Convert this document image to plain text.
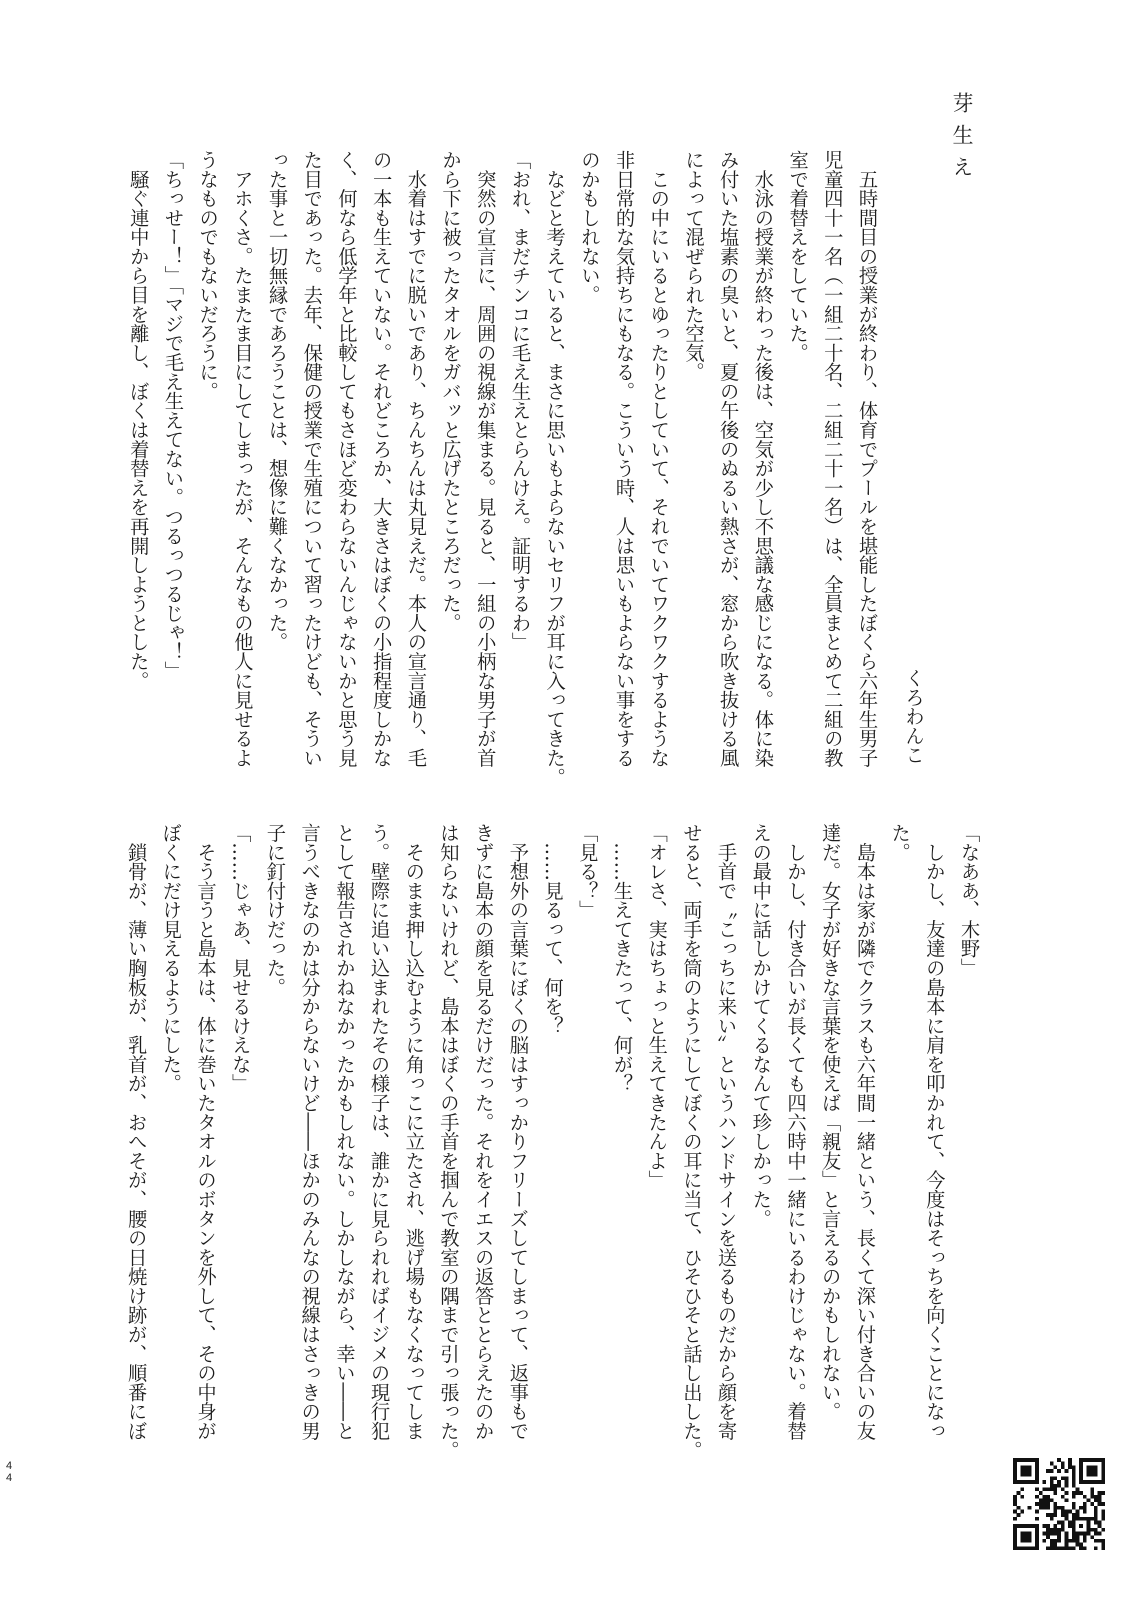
芽生え
くろわんこ
　五時間目の授業が終わり、体育でプールを堪能したぼくら六年生男子
児童四十一名（一組二十名、二組二十一名）は、全員まとめて二組の教
室で着替えをしていた。
　水泳の授業が終わった後は、空気が少し不思議な感じになる。体に染
み付いた塩素の臭いと、夏の午後のぬるい熱さが、窓から吹き抜ける風
によって混ぜられた空気。
　この中にいるとゆったりとしていて、それでいてワクワクするような
非日常的な気持ちにもなる。こういう時、人は思いもよらない事をする
のかもしれない。
　などと考えていると、まさに思いもよらないセリフが耳に入ってきた。
「おれ、まだチンコに毛え生えとらんけえ。証明するわ」
　突然の宣言に、周囲の視線が集まる。見ると、一組の小柄な男子が首
から下に被ったタオルをガバッと広げたところだった。
　水着はすでに脱いであり、ちんちんは丸見えだ。本人の宣言通り、毛
の一本も生えていない。それどころか、大きさはぼくの小指程度しかな
く、何なら低学年と比較してもさほど変わらないんじゃないかと思う見
た目であった。去年、保健の授業で生殖について習ったけども、そうい
った事と一切無縁であろうことは、想像に難くなかった。
　アホくさ。たまたま目にしてしまったが、そんなもの他人に見せるよ
うなものでもないだろうに。
「ちっせー！」「マジで毛え生えてない。つるっつるじゃ！」
　騒ぐ連中から目を離し、ぼくは着替えを再開しようとした。
「なああ、木野」
　しかし、友達の島本に肩を叩かれて、今度はそっちを向くことになっ
た。
　島本は家が隣でクラスも六年間一緒という、長くて深い付き合いの友
達だ。女子が好きな言葉を使えば「親友」と言えるのかもしれない。
　しかし、付き合いが長くても四六時中一緒にいるわけじゃない。着替
えの最中に話しかけてくるなんて珍しかった。
　手首で〝こっちに来い〟というハンドサインを送るものだから顔を寄
せると、両手を筒のようにしてぼくの耳に当て、ひそひそと話し出した。
「オレさ、実はちょっと生えてきたんよ」
　……生えてきたって、何が？
「見る？」
　……見るって、何を？
　予想外の言葉にぼくの脳はすっかりフリーズしてしまって、返事もで
きずに島本の顔を見るだけだった。それをイエスの返答ととらえたのか
は知らないけれど、島本はぼくの手首を掴んで教室の隅まで引っ張った。
　そのまま押し込むように角っこに立たされ、逃げ場もなくなってしま
う。壁際に追い込まれたその様子は、誰かに見られればイジメの現行犯
として報告されかねなかったかもしれない。しかしながら、幸い――と
言うべきなのかは分からないけど――ほかのみんなの視線はさっきの男
子に釘付けだった。
「……じゃあ、見せるけえな」
　そう言うと島本は、体に巻いたタオルのボタンを外して、その中身が
ぼくにだけ見えるようにした。
　鎖骨が、薄い胸板が、乳首が、おへそが、腰の日焼け跡が、順番にぼ
44
